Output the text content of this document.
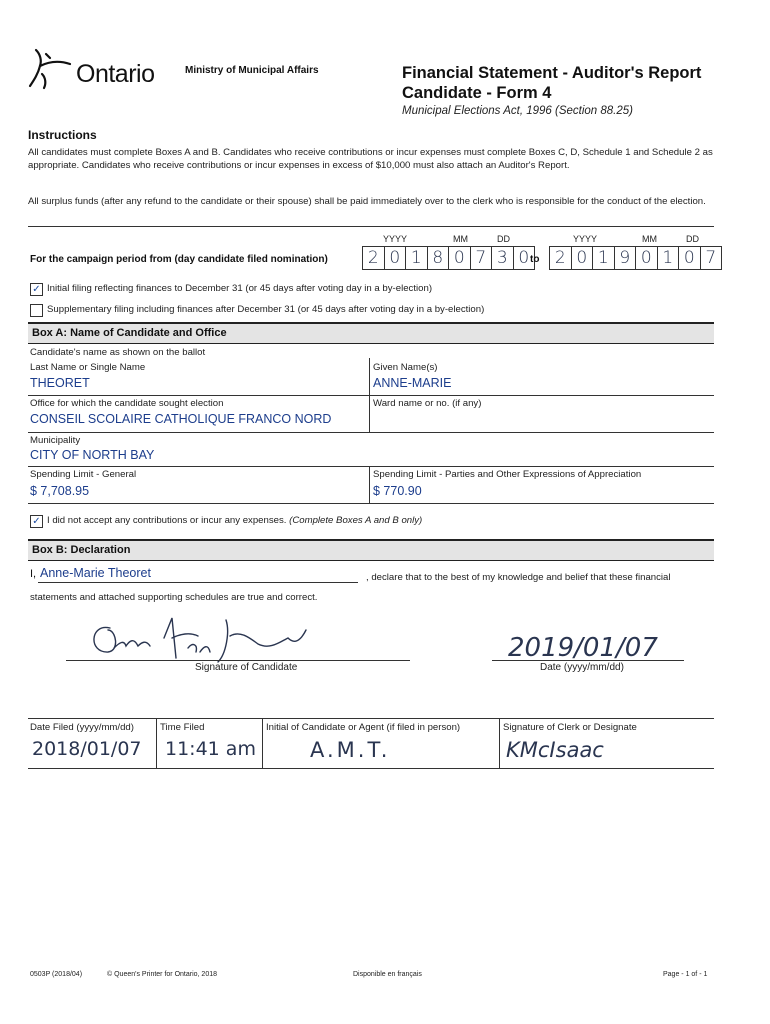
Ontario	Ministry of Municipal Affairs	Financial Statement - Auditor's Report
Candidate - Form 4
Municipal Elections Act, 1996 (Section 88.25)
Instructions
All candidates must complete Boxes A and B. Candidates who receive contributions or incur expenses must complete Boxes C, D, Schedule 1 and Schedule 2 as appropriate. Candidates who receive contributions or incur expenses in excess of $10,000 must also attach an Auditor's Report.
All surplus funds (after any refund to the candidate or their spouse) shall be paid immediately over to the clerk who is responsible for the conduct of the election.
YYYY	MM	DD	YYYY	MM	DD
For the campaign period from (day candidate filed nomination)	2 0 1 8 0 7 3 0 to 2 0 1 9 0 1 0 7
✓ Initial filing reflecting finances to December 31 (or 45 days after voting day in a by-election)
Supplementary filing including finances after December 31 (or 45 days after voting day in a by-election)
Box A: Name of Candidate and Office
Candidate's name as shown on the ballot
Last Name or Single Name
THEORET
Given Name(s)
ANNE-MARIE
Office for which the candidate sought election
CONSEIL SCOLAIRE CATHOLIQUE FRANCO NORD
Ward name or no. (if any)
Municipality
CITY OF NORTH BAY
Spending Limit - General
$ 7,708.95
Spending Limit - Parties and Other Expressions of Appreciation
$ 770.90
✓ I did not accept any contributions or incur any expenses. (Complete Boxes A and B only)
Box B: Declaration
I, Anne-Marie Theoret	, declare that to the best of my knowledge and belief that these financial
statements and attached supporting schedules are true and correct.
Signature of Candidate
2019/01/07
Date (yyyy/mm/dd)
Date Filed (yyyy/mm/dd)
2018/01/07
Time Filed
11:41 am
Initial of Candidate or Agent (if filed in person)
A.M.T.
Signature of Clerk or Designate
KMcIsaac
0503P (2018/04)	© Queen's Printer for Ontario, 2018	Disponible en français	Page - 1 of - 1
